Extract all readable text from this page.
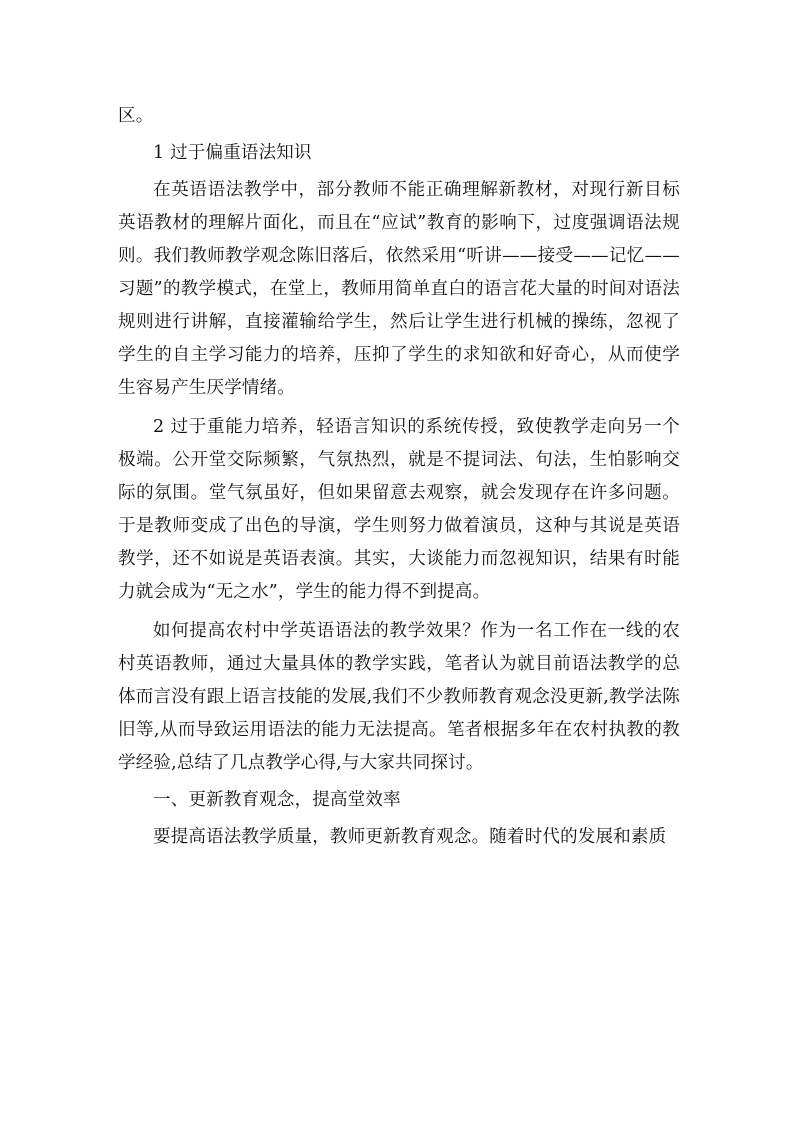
区。

1 过于偏重语法知识

在英语语法教学中，部分教师不能正确理解新教材，对现行新目标英语教材的理解片面化，而且在“应试”教育的影响下，过度强调语法规则。我们教师教学观念陈旧落后，依然采用“听讲——接受——记忆——习题”的教学模式，在堂上，教师用简单直白的语言花大量的时间对语法规则进行讲解，直接灌输给学生，然后让学生进行机械的操练，忽视了学生的自主学习能力的培养，压抑了学生的求知欲和好奇心，从而使学生容易产生厌学情绪。

2 过于重能力培养，轻语言知识的系统传授，致使教学走向另一个极端。公开堂交际频繁，气氛热烈，就是不提词法、句法，生怕影响交际的氛围。堂气氛虽好，但如果留意去观察，就会发现存在许多问题。于是教师变成了出色的导演，学生则努力做着演员，这种与其说是英语教学，还不如说是英语表演。其实，大谈能力而忽视知识，结果有时能力就会成为“无之水”，学生的能力得不到提高。

如何提高农村中学英语语法的教学效果？作为一名工作在一线的农村英语教师，通过大量具体的教学实践，笔者认为就目前语法教学的总体而言没有跟上语言技能的发展,我们不少教师教育观念没更新,教学法陈旧等,从而导致运用语法的能力无法提高。笔者根据多年在农村执教的教学经验,总结了几点教学心得,与大家共同探讨。

一、更新教育观念，提高堂效率

要提高语法教学质量，教师更新教育观念。随着时代的发展和素质
